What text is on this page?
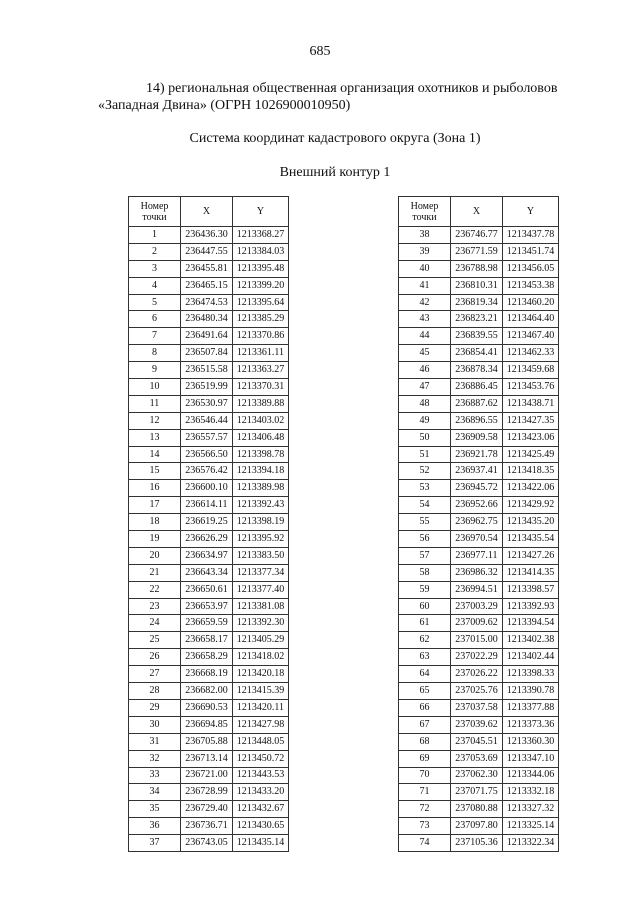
685
14) региональная общественная организация охотников и рыболовов
«Западная Двина» (ОГРН 1026900010950)
Система координат кадастрового округа (Зона 1)
Внешний контур 1
Номер
точки	X	Y
1	236436.30	1213368.27
2	236447.55	1213384.03
3	236455.81	1213395.48
4	236465.15	1213399.20
5	236474.53	1213395.64
6	236480.34	1213385.29
7	236491.64	1213370.86
8	236507.84	1213361.11
9	236515.58	1213363.27
10	236519.99	1213370.31
11	236530.97	1213389.88
12	236546.44	1213403.02
13	236557.57	1213406.48
14	236566.50	1213398.78
15	236576.42	1213394.18
16	236600.10	1213389.98
17	236614.11	1213392.43
18	236619.25	1213398.19
19	236626.29	1213395.92
20	236634.97	1213383.50
21	236643.34	1213377.34
22	236650.61	1213377.40
23	236653.97	1213381.08
24	236659.59	1213392.30
25	236658.17	1213405.29
26	236658.29	1213418.02
27	236668.19	1213420.18
28	236682.00	1213415.39
29	236690.53	1213420.11
30	236694.85	1213427.98
31	236705.88	1213448.05
32	236713.14	1213450.72
33	236721.00	1213443.53
34	236728.99	1213433.20
35	236729.40	1213432.67
36	236736.71	1213430.65
37	236743.05	1213435.14
Номер
точки	X	Y
38	236746.77	1213437.78
39	236771.59	1213451.74
40	236788.98	1213456.05
41	236810.31	1213453.38
42	236819.34	1213460.20
43	236823.21	1213464.40
44	236839.55	1213467.40
45	236854.41	1213462.33
46	236878.34	1213459.68
47	236886.45	1213453.76
48	236887.62	1213438.71
49	236896.55	1213427.35
50	236909.58	1213423.06
51	236921.78	1213425.49
52	236937.41	1213418.35
53	236945.72	1213422.06
54	236952.66	1213429.92
55	236962.75	1213435.20
56	236970.54	1213435.54
57	236977.11	1213427.26
58	236986.32	1213414.35
59	236994.51	1213398.57
60	237003.29	1213392.93
61	237009.62	1213394.54
62	237015.00	1213402.38
63	237022.29	1213402.44
64	237026.22	1213398.33
65	237025.76	1213390.78
66	237037.58	1213377.88
67	237039.62	1213373.36
68	237045.51	1213360.30
69	237053.69	1213347.10
70	237062.30	1213344.06
71	237071.75	1213332.18
72	237080.88	1213327.32
73	237097.80	1213325.14
74	237105.36	1213322.34
